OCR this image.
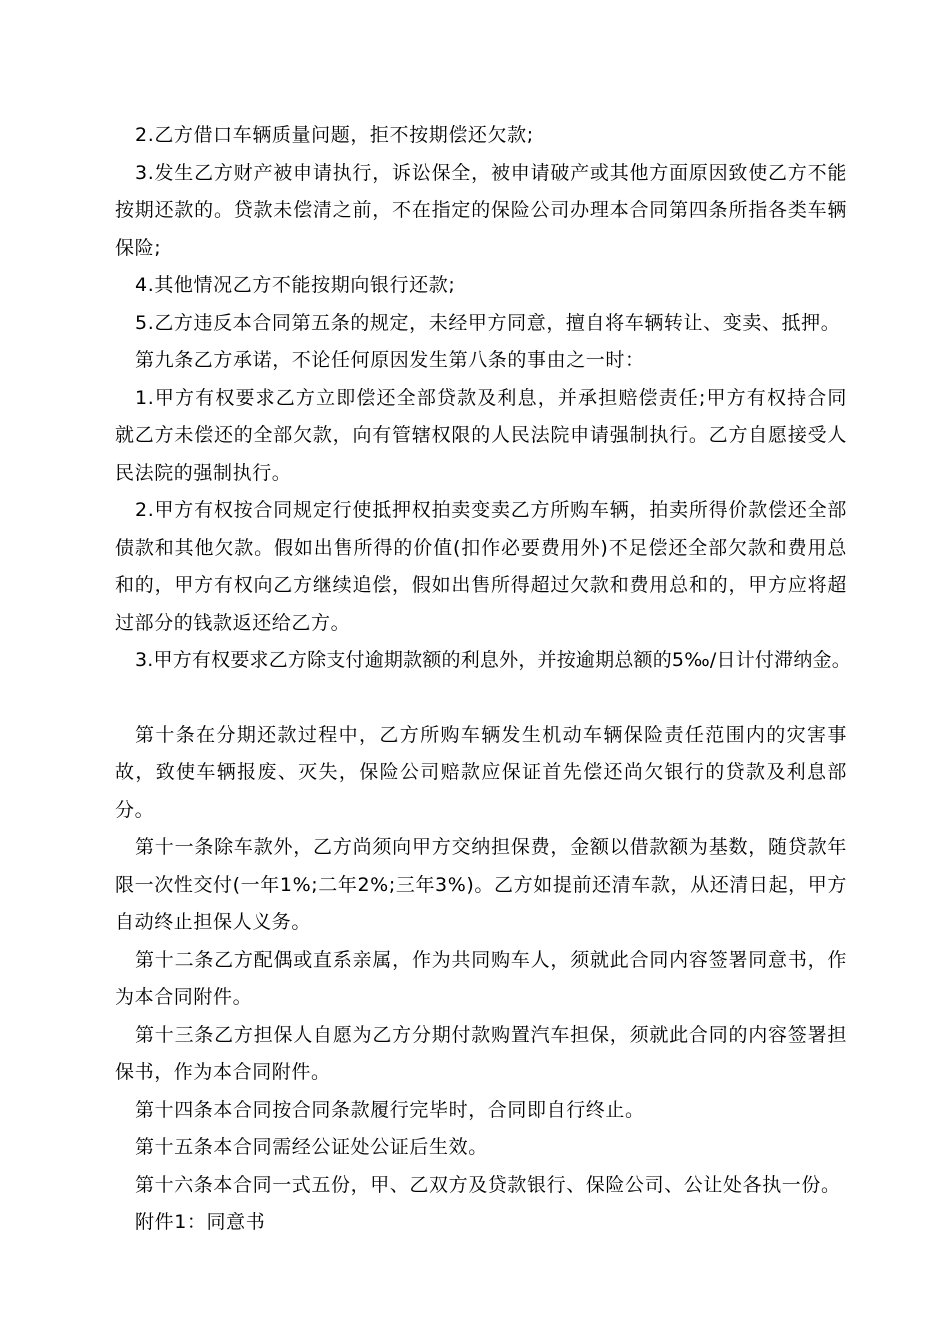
2.乙方借口车辆质量问题，拒不按期偿还欠款;

3.发生乙方财产被申请执行，诉讼保全，被申请破产或其他方面原因致使乙方不能按期还款的。贷款未偿清之前，不在指定的保险公司办理本合同第四条所指各类车辆保险;

4.其他情况乙方不能按期向银行还款;

5.乙方违反本合同第五条的规定，未经甲方同意，擅自将车辆转让、变卖、抵押。

第九条乙方承诺，不论任何原因发生第八条的事由之一时：

1.甲方有权要求乙方立即偿还全部贷款及利息，并承担赔偿责任;甲方有权持合同就乙方未偿还的全部欠款，向有管辖权限的人民法院申请强制执行。乙方自愿接受人民法院的强制执行。

2.甲方有权按合同规定行使抵押权拍卖变卖乙方所购车辆，拍卖所得价款偿还全部债款和其他欠款。假如出售所得的价值(扣作必要费用外)不足偿还全部欠款和费用总和的，甲方有权向乙方继续追偿，假如出售所得超过欠款和费用总和的，甲方应将超过部分的钱款返还给乙方。

3.甲方有权要求乙方除支付逾期款额的利息外，并按逾期总额的5‰/日计付滞纳金。

第十条在分期还款过程中，乙方所购车辆发生机动车辆保险责任范围内的灾害事故，致使车辆报废、灭失，保险公司赔款应保证首先偿还尚欠银行的贷款及利息部分。

第十一条除车款外，乙方尚须向甲方交纳担保费，金额以借款额为基数，随贷款年限一次性交付(一年1%;二年2%;三年3%)。乙方如提前还清车款，从还清日起，甲方自动终止担保人义务。

第十二条乙方配偶或直系亲属，作为共同购车人，须就此合同内容签署同意书，作为本合同附件。

第十三条乙方担保人自愿为乙方分期付款购置汽车担保，须就此合同的内容签署担保书，作为本合同附件。

第十四条本合同按合同条款履行完毕时，合同即自行终止。

第十五条本合同需经公证处公证后生效。

第十六条本合同一式五份，甲、乙双方及贷款银行、保险公司、公让处各执一份。

附件1：同意书
